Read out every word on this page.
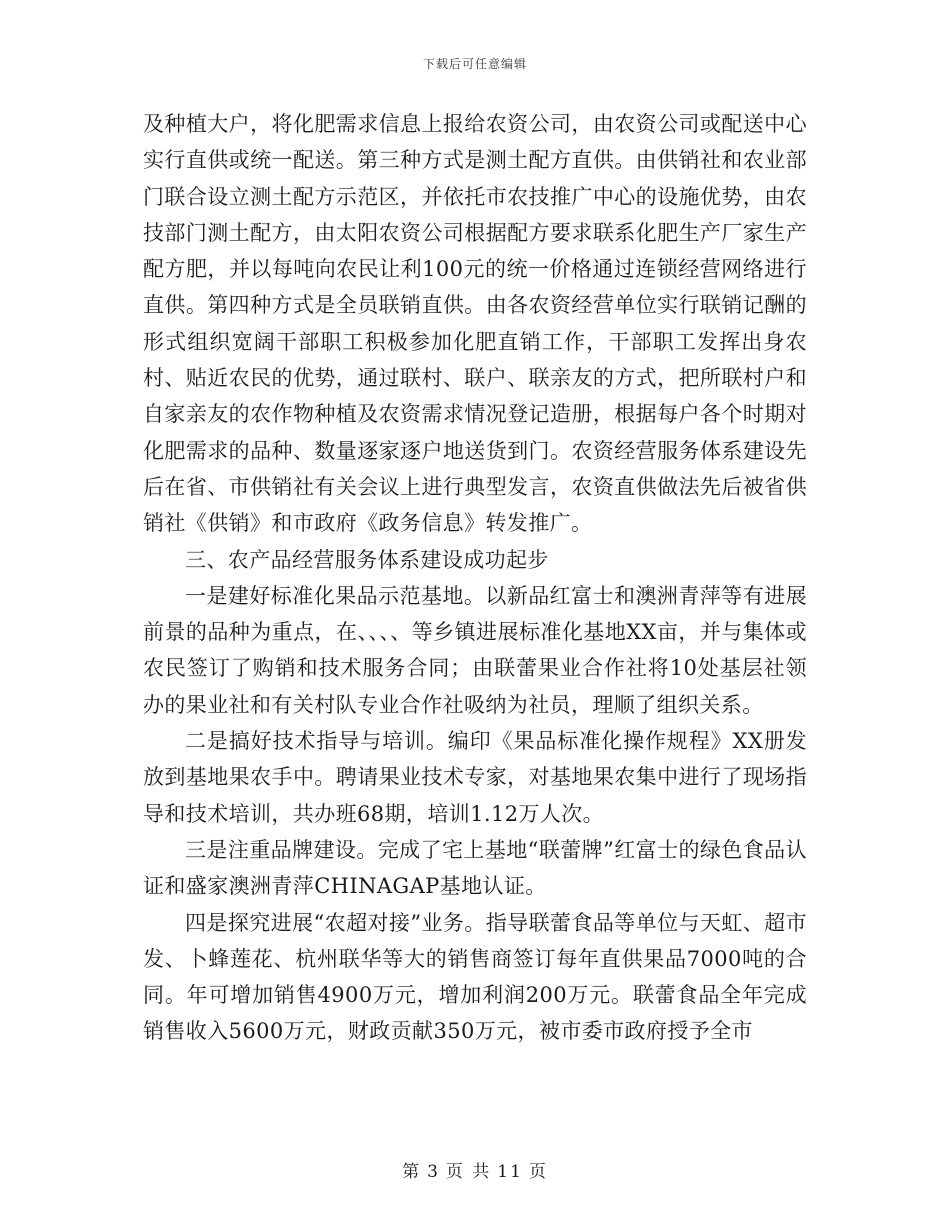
下载后可任意编辑

及种植大户，将化肥需求信息上报给农资公司，由农资公司或配送中心实行直供或统一配送。第三种方式是测土配方直供。由供销社和农业部门联合设立测土配方示范区，并依托市农技推广中心的设施优势，由农技部门测土配方，由太阳农资公司根据配方要求联系化肥生产厂家生产配方肥，并以每吨向农民让利100元的统一价格通过连锁经营网络进行直供。第四种方式是全员联销直供。由各农资经营单位实行联销记酬的形式组织宽阔干部职工积极参加化肥直销工作，干部职工发挥出身农村、贴近农民的优势，通过联村、联户、联亲友的方式，把所联村户和自家亲友的农作物种植及农资需求情况登记造册，根据每户各个时期对化肥需求的品种、数量逐家逐户地送货到门。农资经营服务体系建设先后在省、市供销社有关会议上进行典型发言，农资直供做法先后被省供销社《供销》和市政府《政务信息》转发推广。

三、农产品经营服务体系建设成功起步

一是建好标准化果品示范基地。以新品红富士和澳洲青萍等有进展前景的品种为重点，在、、、、等乡镇进展标准化基地XX亩，并与集体或农民签订了购销和技术服务合同；由联蕾果业合作社将10处基层社领办的果业社和有关村队专业合作社吸纳为社员，理顺了组织关系。

二是搞好技术指导与培训。编印《果品标准化操作规程》XX册发放到基地果农手中。聘请果业技术专家，对基地果农集中进行了现场指导和技术培训，共办班68期，培训1.12万人次。

三是注重品牌建设。完成了宅上基地“联蕾牌”红富士的绿色食品认证和盛家澳洲青萍CHINAGAP基地认证。

四是探究进展“农超对接”业务。指导联蕾食品等单位与天虹、超市发、卜蜂莲花、杭州联华等大的销售商签订每年直供果品7000吨的合同。年可增加销售4900万元，增加利润200万元。联蕾食品全年完成销售收入5600万元，财政贡献350万元，被市委市政府授予全市

第 3 页 共 11 页
